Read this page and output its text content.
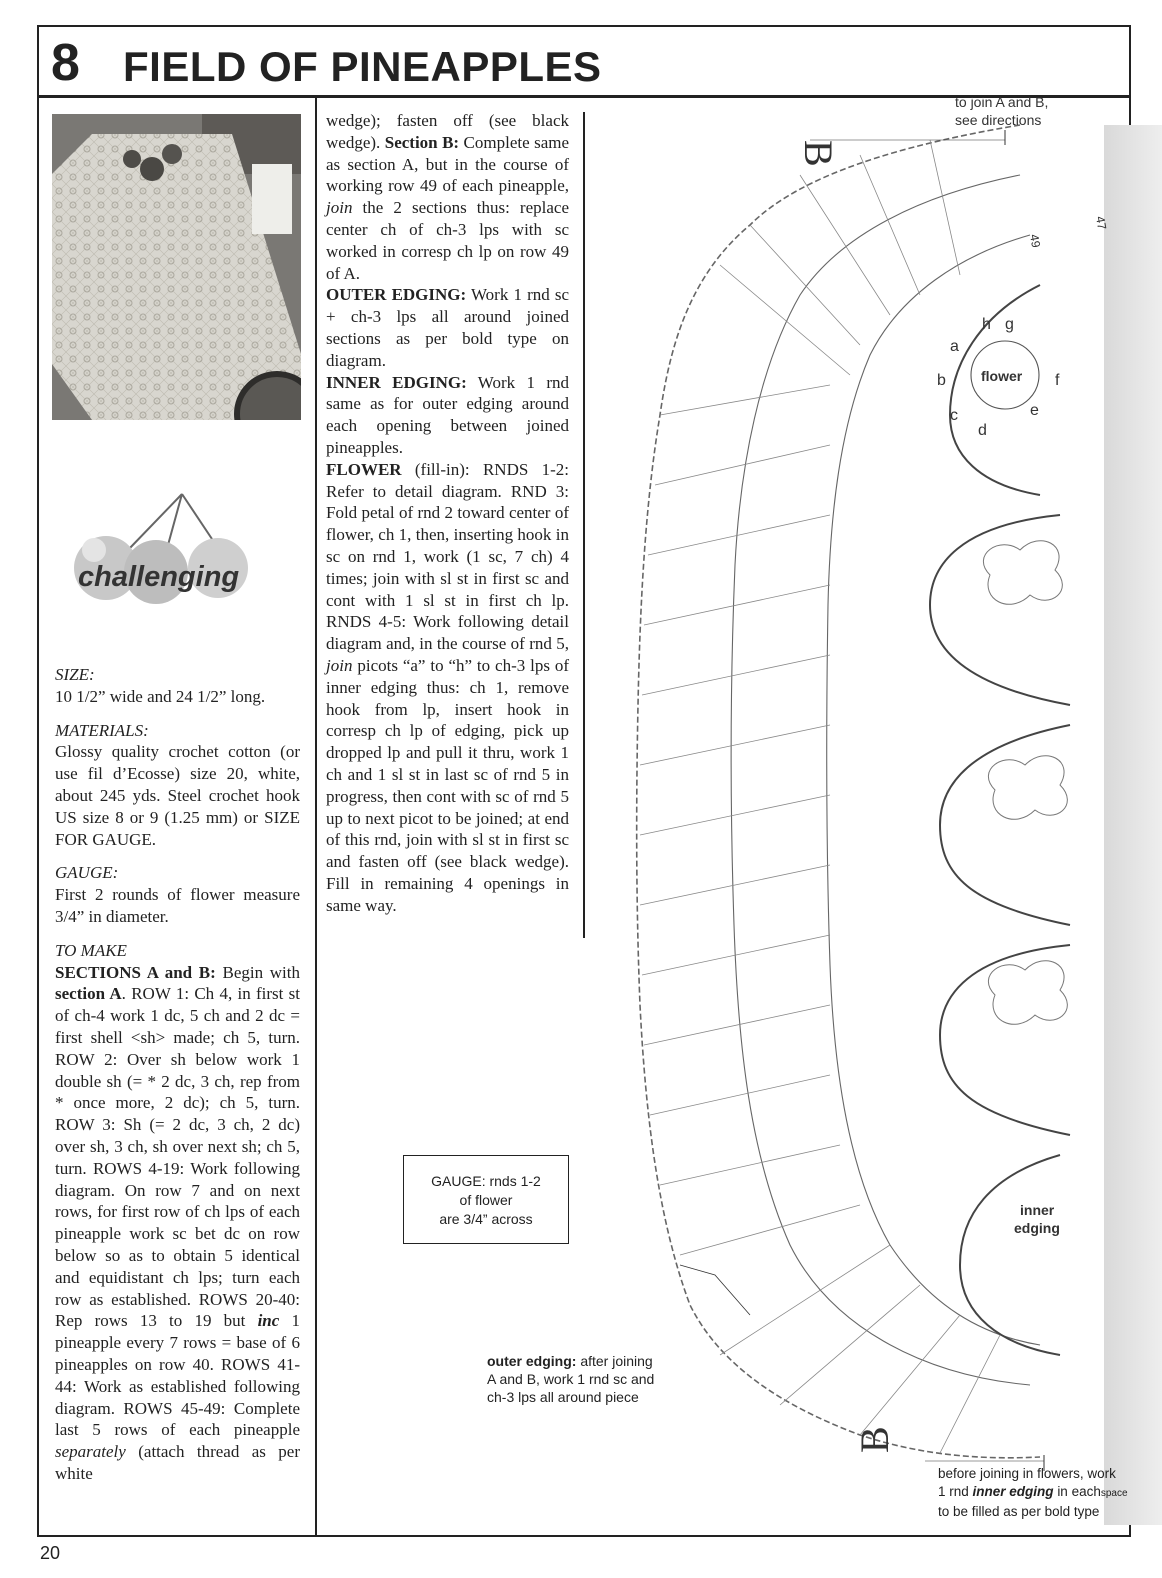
8 FIELD OF PINEAPPLES
challenging

SIZE:

10 1/2” wide and 24 1/2” long.

MATERIALS:

Glossy quality crochet cotton (or use fil d’Ecosse) size 20, white, about 245 yds. Steel crochet hook US size 8 or 9 (1.25 mm) or SIZE FOR GAUGE.

GAUGE:

First 2 rounds of flower measure 3/4” in diameter.

TO MAKE

SECTIONS A and B: Begin with section A. ROW 1: Ch 4, in first st of ch-4 work 1 dc, 5 ch and 2 dc = first shell <sh> made; ch 5, turn. ROW 2: Over sh below work 1 double sh (= * 2 dc, 3 ch, rep from * once more, 2 dc); ch 5, turn. ROW 3: Sh (= 2 dc, 3 ch, 2 dc) over sh, 3 ch, sh over next sh; ch 5, turn. ROWS 4-19: Work following diagram. On row 7 and on next rows, for first row of ch lps of each pineapple work sc bet dc on row below so as to obtain 5 identical and equidistant ch lps; turn each row as established. ROWS 20-40: Rep rows 13 to 19 but inc 1 pineapple every 7 rows = base of 6 pineapples on row 40. ROWS 41-44: Work as established following diagram. ROWS 45-49: Complete last 5 rows of each pineapple separately (attach thread as per white

wedge); fasten off (see black wedge). Section B: Complete same as section A, but in the course of working row 49 of each pineapple, join the 2 sections thus: replace center ch of ch-3 lps with sc worked in corresp ch lp on row 49 of A.

OUTER EDGING: Work 1 rnd sc + ch-3 lps all around joined sections as per bold type on diagram.

INNER EDGING: Work 1 rnd same as for outer edging around each opening between joined pineapples.

FLOWER (fill-in): RNDS 1-2: Refer to detail diagram. RND 3: Fold petal of rnd 2 toward center of flower, ch 1, then, inserting hook in sc on rnd 1, work (1 sc, 7 ch) 4 times; join with sl st in first sc and cont with 1 sl st in first ch lp. RNDS 4-5: Work following detail diagram and, in the course of rnd 5, join picots “a” to “h” to ch-3 lps of inner edging thus: ch 1, remove hook from lp, insert hook in corresp ch lp of edging, pick up dropped lp and pull it thru, work 1 ch and 1 sl st in last sc of rnd 5 in progress, then cont with sc of rnd 5 up to next picot to be joined; at end of this rnd, join with sl st in first sc and fasten off (see black wedge). Fill in remaining 4 openings in same way.

GAUGE: rnds 1-2
of flower
are 3/4” across
B
B
to join A and B,
see directions
flower
inner
edging
49
47
a
b
c
d
e
f
g
h
outer edging: after joining
A and B, work 1 rnd sc and
ch-3 lps all around piece
before joining in flowers, work
1 rnd inner edging in eachspace
to be filled as per bold type
20
